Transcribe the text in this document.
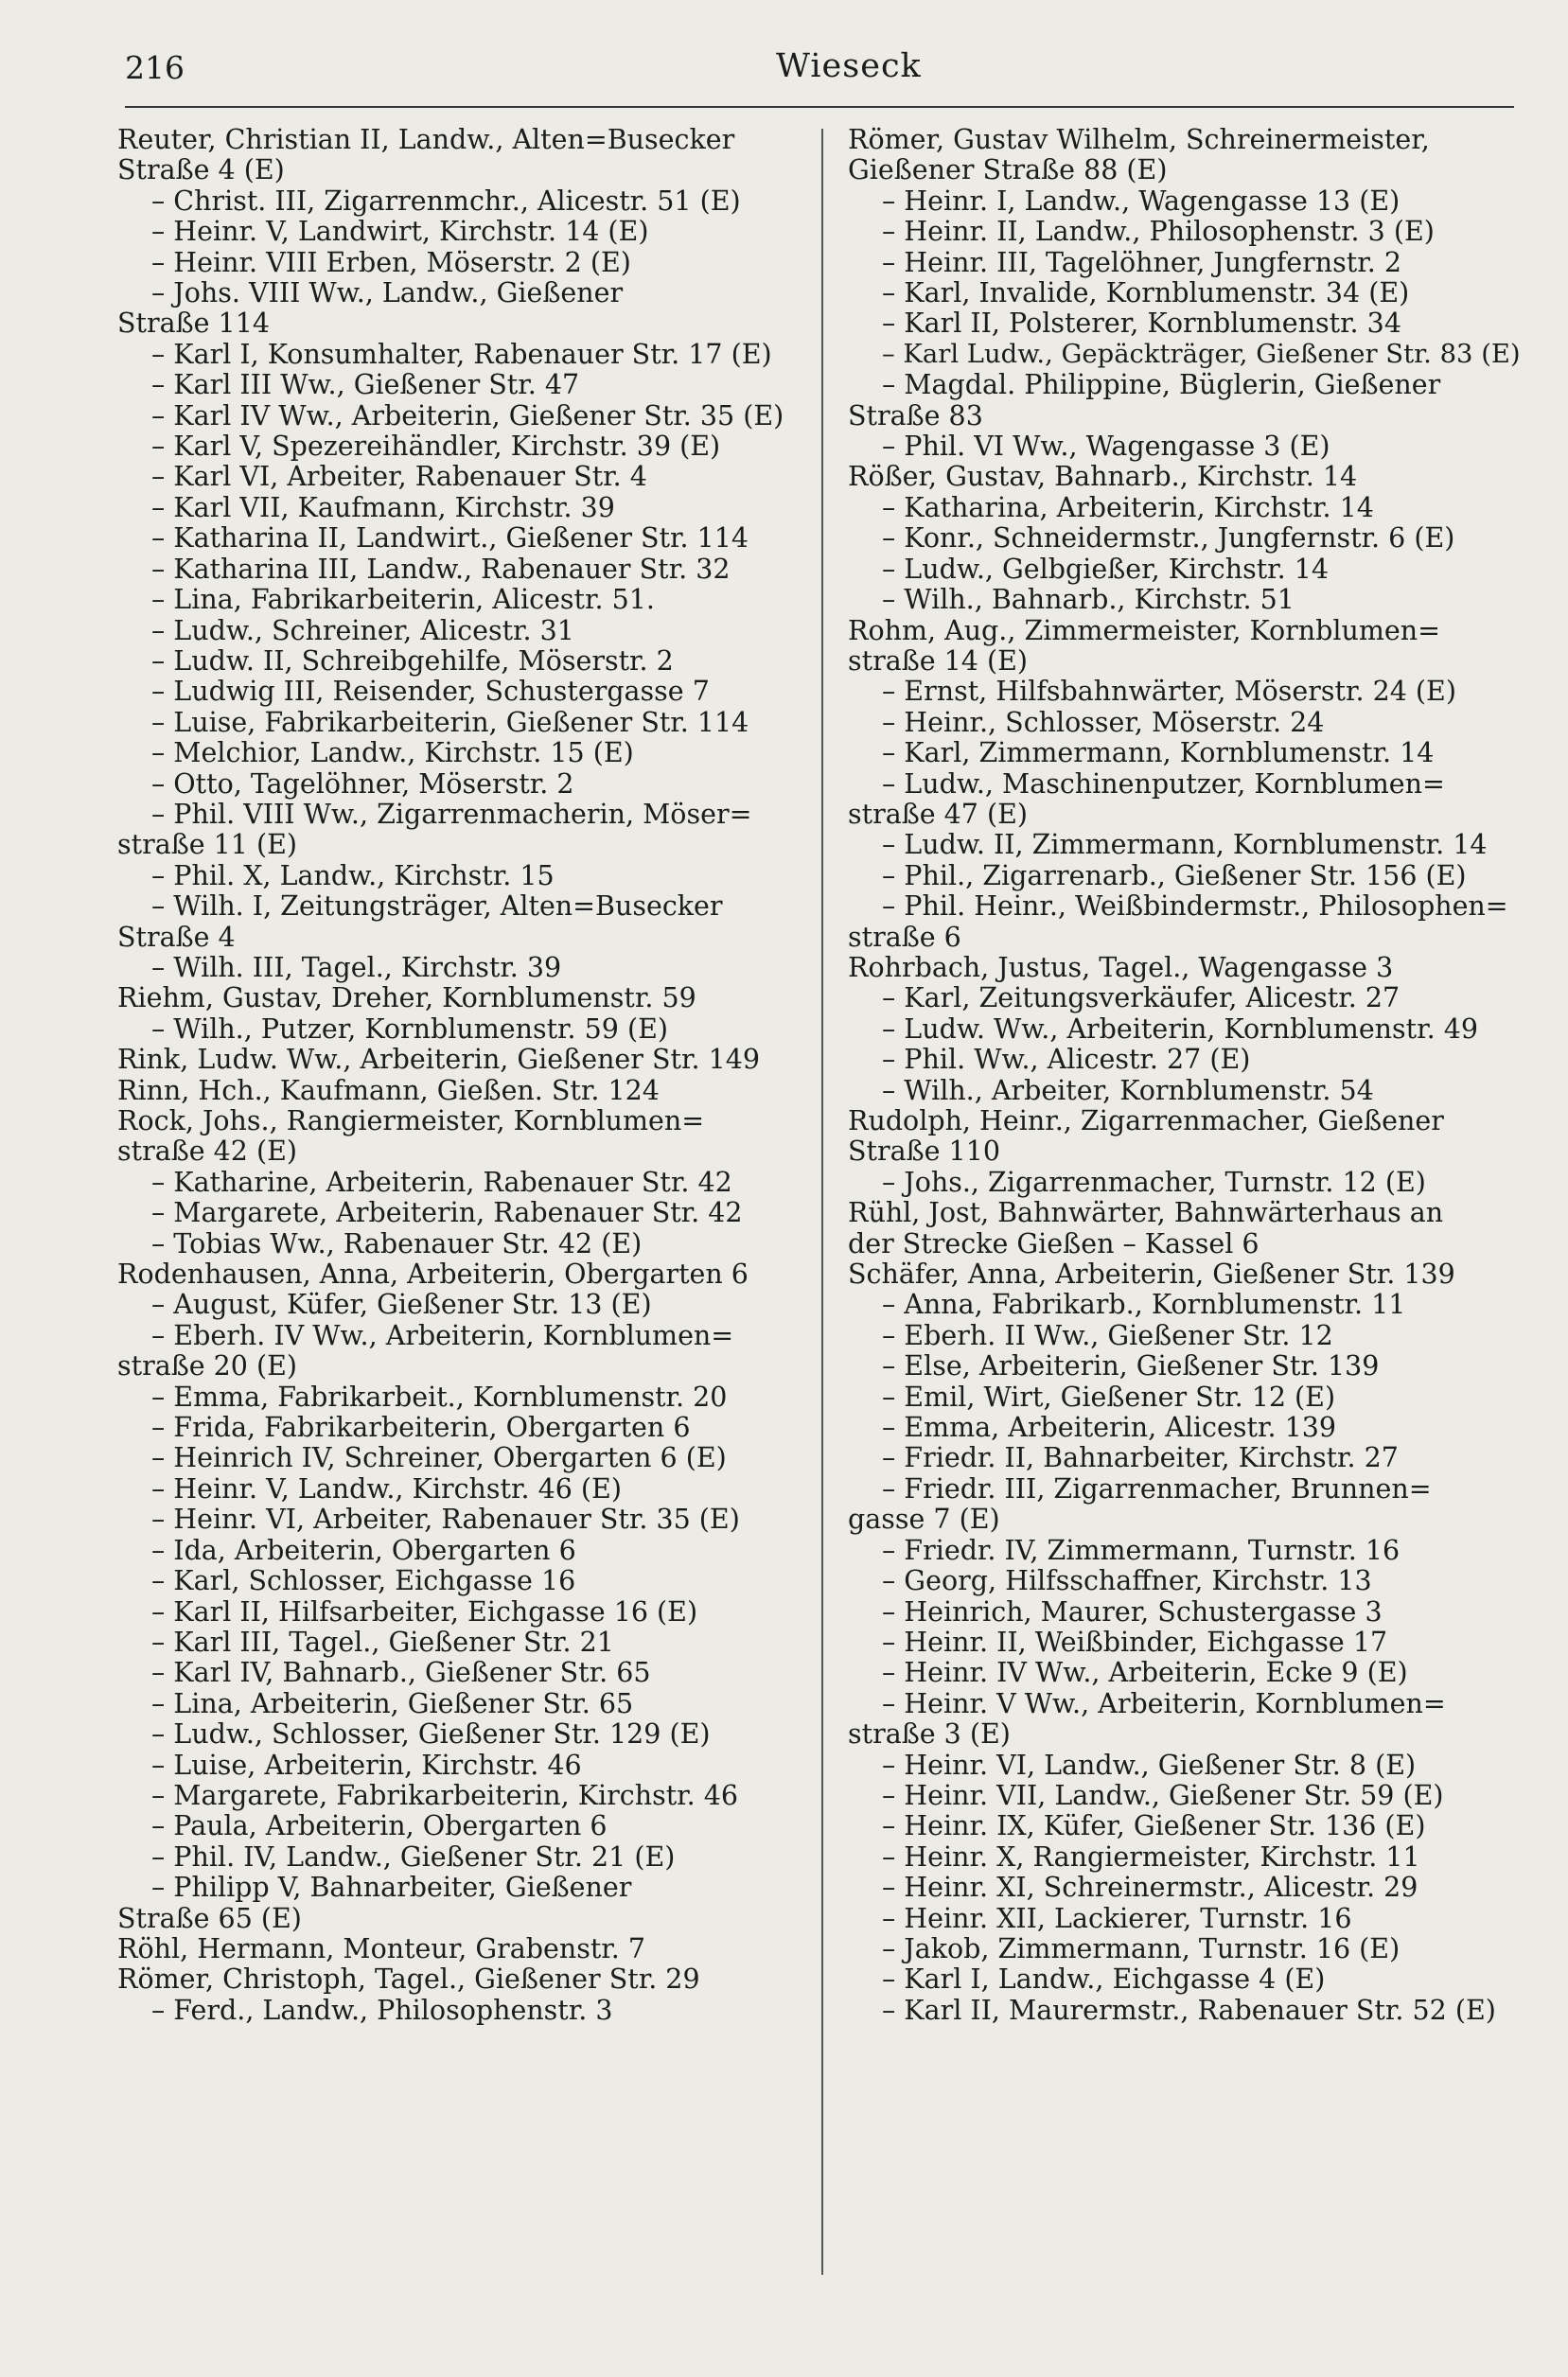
216	Wieseck
Reuter, Christian II, Landw., Alten=Busecker
Straße 4 (E)
– Christ. III, Zigarrenmchr., Alicestr. 51 (E)
– Heinr. V, Landwirt, Kirchstr. 14 (E)
– Heinr. VIII Erben, Möserstr. 2 (E)
– Johs. VIII Ww., Landw., Gießener
Straße 114
– Karl I, Konsumhalter, Rabenauer Str. 17 (E)
– Karl III Ww., Gießener Str. 47
– Karl IV Ww., Arbeiterin, Gießener Str. 35 (E)
– Karl V, Spezereihändler, Kirchstr. 39 (E)
– Karl VI, Arbeiter, Rabenauer Str. 4
– Karl VII, Kaufmann, Kirchstr. 39
– Katharina II, Landwirt., Gießener Str. 114
– Katharina III, Landw., Rabenauer Str. 32
– Lina, Fabrikarbeiterin, Alicestr. 51.
– Ludw., Schreiner, Alicestr. 31
– Ludw. II, Schreibgehilfe, Möserstr. 2
– Ludwig III, Reisender, Schustergasse 7
– Luise, Fabrikarbeiterin, Gießener Str. 114
– Melchior, Landw., Kirchstr. 15 (E)
– Otto, Tagelöhner, Möserstr. 2
– Phil. VIII Ww., Zigarrenmacherin, Möser=
straße 11 (E)
– Phil. X, Landw., Kirchstr. 15
– Wilh. I, Zeitungsträger, Alten=Busecker
Straße 4
– Wilh. III, Tagel., Kirchstr. 39
Riehm, Gustav, Dreher, Kornblumenstr. 59
– Wilh., Putzer, Kornblumenstr. 59 (E)
Rink, Ludw. Ww., Arbeiterin, Gießener Str. 149
Rinn, Hch., Kaufmann, Gießen. Str. 124
Rock, Johs., Rangiermeister, Kornblumen=
straße 42 (E)
– Katharine, Arbeiterin, Rabenauer Str. 42
– Margarete, Arbeiterin, Rabenauer Str. 42
– Tobias Ww., Rabenauer Str. 42 (E)
Rodenhausen, Anna, Arbeiterin, Obergarten 6
– August, Küfer, Gießener Str. 13 (E)
– Eberh. IV Ww., Arbeiterin, Kornblumen=
straße 20 (E)
– Emma, Fabrikarbeit., Kornblumenstr. 20
– Frida, Fabrikarbeiterin, Obergarten 6
– Heinrich IV, Schreiner, Obergarten 6 (E)
– Heinr. V, Landw., Kirchstr. 46 (E)
– Heinr. VI, Arbeiter, Rabenauer Str. 35 (E)
– Ida, Arbeiterin, Obergarten 6
– Karl, Schlosser, Eichgasse 16
– Karl II, Hilfsarbeiter, Eichgasse 16 (E)
– Karl III, Tagel., Gießener Str. 21
– Karl IV, Bahnarb., Gießener Str. 65
– Lina, Arbeiterin, Gießener Str. 65
– Ludw., Schlosser, Gießener Str. 129 (E)
– Luise, Arbeiterin, Kirchstr. 46
– Margarete, Fabrikarbeiterin, Kirchstr. 46
– Paula, Arbeiterin, Obergarten 6
– Phil. IV, Landw., Gießener Str. 21 (E)
– Philipp V, Bahnarbeiter, Gießener
Straße 65 (E)
Röhl, Hermann, Monteur, Grabenstr. 7
Römer, Christoph, Tagel., Gießener Str. 29
– Ferd., Landw., Philosophenstr. 3
Römer, Gustav Wilhelm, Schreinermeister,
Gießener Straße 88 (E)
– Heinr. I, Landw., Wagengasse 13 (E)
– Heinr. II, Landw., Philosophenstr. 3 (E)
– Heinr. III, Tagelöhner, Jungfernstr. 2
– Karl, Invalide, Kornblumenstr. 34 (E)
– Karl II, Polsterer, Kornblumenstr. 34
– Karl Ludw., Gepäckträger, Gießener Str. 83 (E)
– Magdal. Philippine, Büglerin, Gießener
Straße 83
– Phil. VI Ww., Wagengasse 3 (E)
Rößer, Gustav, Bahnarb., Kirchstr. 14
– Katharina, Arbeiterin, Kirchstr. 14
– Konr., Schneidermstr., Jungfernstr. 6 (E)
– Ludw., Gelbgießer, Kirchstr. 14
– Wilh., Bahnarb., Kirchstr. 51
Rohm, Aug., Zimmermeister, Kornblumen=
straße 14 (E)
– Ernst, Hilfsbahnwärter, Möserstr. 24 (E)
– Heinr., Schlosser, Möserstr. 24
– Karl, Zimmermann, Kornblumenstr. 14
– Ludw., Maschinenputzer, Kornblumen=
straße 47 (E)
– Ludw. II, Zimmermann, Kornblumenstr. 14
– Phil., Zigarrenarb., Gießener Str. 156 (E)
– Phil. Heinr., Weißbindermstr., Philosophen=
straße 6
Rohrbach, Justus, Tagel., Wagengasse 3
– Karl, Zeitungsverkäufer, Alicestr. 27
– Ludw. Ww., Arbeiterin, Kornblumenstr. 49
– Phil. Ww., Alicestr. 27 (E)
– Wilh., Arbeiter, Kornblumenstr. 54
Rudolph, Heinr., Zigarrenmacher, Gießener
Straße 110
– Johs., Zigarrenmacher, Turnstr. 12 (E)
Rühl, Jost, Bahnwärter, Bahnwärterhaus an
der Strecke Gießen – Kassel 6
Schäfer, Anna, Arbeiterin, Gießener Str. 139
– Anna, Fabrikarb., Kornblumenstr. 11
– Eberh. II Ww., Gießener Str. 12
– Else, Arbeiterin, Gießener Str. 139
– Emil, Wirt, Gießener Str. 12 (E)
– Emma, Arbeiterin, Alicestr. 139
– Friedr. II, Bahnarbeiter, Kirchstr. 27
– Friedr. III, Zigarrenmacher, Brunnen=
gasse 7 (E)
– Friedr. IV, Zimmermann, Turnstr. 16
– Georg, Hilfsschaffner, Kirchstr. 13
– Heinrich, Maurer, Schustergasse 3
– Heinr. II, Weißbinder, Eichgasse 17
– Heinr. IV Ww., Arbeiterin, Ecke 9 (E)
– Heinr. V Ww., Arbeiterin, Kornblumen=
straße 3 (E)
– Heinr. VI, Landw., Gießener Str. 8 (E)
– Heinr. VII, Landw., Gießener Str. 59 (E)
– Heinr. IX, Küfer, Gießener Str. 136 (E)
– Heinr. X, Rangiermeister, Kirchstr. 11
– Heinr. XI, Schreinermstr., Alicestr. 29
– Heinr. XII, Lackierer, Turnstr. 16
– Jakob, Zimmermann, Turnstr. 16 (E)
– Karl I, Landw., Eichgasse 4 (E)
– Karl II, Maurermstr., Rabenauer Str. 52 (E)
